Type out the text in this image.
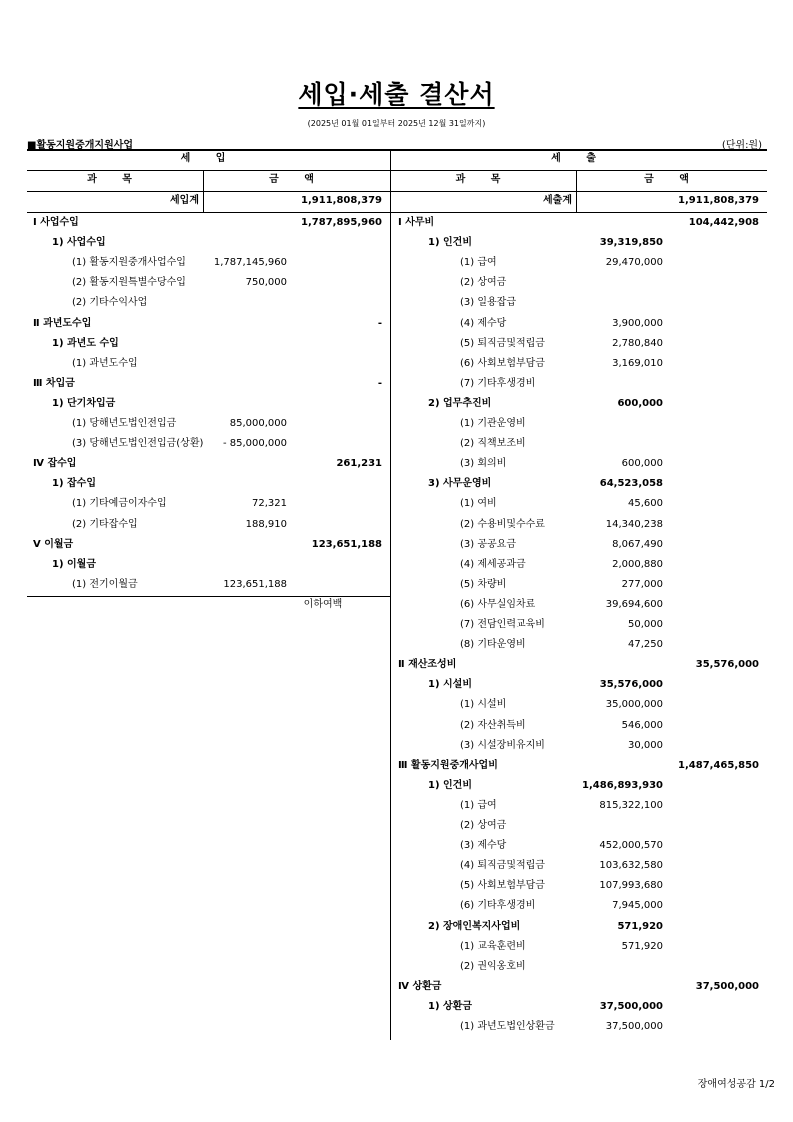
세입·세출 결산서
(2025년 01월 01일부터 2025년 12월 31일까지)
■활동지원중개지원사업	(단위:원)
세 입	세 출
과 목	금 액	과 목	금 액
세입계	1,911,808,379	세출계	1,911,808,379
이하여백
Ⅰ 사업수입	1,787,895,960
1) 사업수입
(1) 활동지원중개사업수입	1,787,145,960
(2) 활동지원특별수당수입	750,000
(2) 기타수익사업
Ⅱ 과년도수입	-
1) 과년도 수입
(1) 과년도수입
Ⅲ 차입금	-
1) 단기차입금
(1) 당해년도법인전입금	85,000,000
(3) 당해년도법인전입금(상환)	- 85,000,000
Ⅳ 잡수입	261,231
1) 잡수입
(1) 기타예금이자수입	72,321
(2) 기타잡수입	188,910
Ⅴ 이월금	123,651,188
1) 이월금
(1) 전기이월금	123,651,188
Ⅰ 사무비	104,442,908
1) 인건비	39,319,850
(1) 급여	29,470,000
(2) 상여금
(3) 일용잡급
(4) 제수당	3,900,000
(5) 퇴직금및적립금	2,780,840
(6) 사회보험부담금	3,169,010
(7) 기타후생경비
2) 업무추진비	600,000
(1) 기관운영비
(2) 직책보조비
(3) 회의비	600,000
3) 사무운영비	64,523,058
(1) 여비	45,600
(2) 수용비및수수료	14,340,238
(3) 공공요금	8,067,490
(4) 제세공과금	2,000,880
(5) 차량비	277,000
(6) 사무실임차료	39,694,600
(7) 전담인력교육비	50,000
(8) 기타운영비	47,250
Ⅱ 재산조성비	35,576,000
1) 시설비	35,576,000
(1) 시설비	35,000,000
(2) 자산취득비	546,000
(3) 시설장비유지비	30,000
Ⅲ 활동지원중개사업비	1,487,465,850
1) 인건비	1,486,893,930
(1) 급여	815,322,100
(2) 상여금
(3) 제수당	452,000,570
(4) 퇴직금및적립금	103,632,580
(5) 사회보험부담금	107,993,680
(6) 기타후생경비	7,945,000
2) 장애인복지사업비	571,920
(1) 교육훈련비	571,920
(2) 권익옹호비
Ⅳ 상환금	37,500,000
1) 상환금	37,500,000
(1) 과년도법인상환금	37,500,000
장애여성공감 1/2
